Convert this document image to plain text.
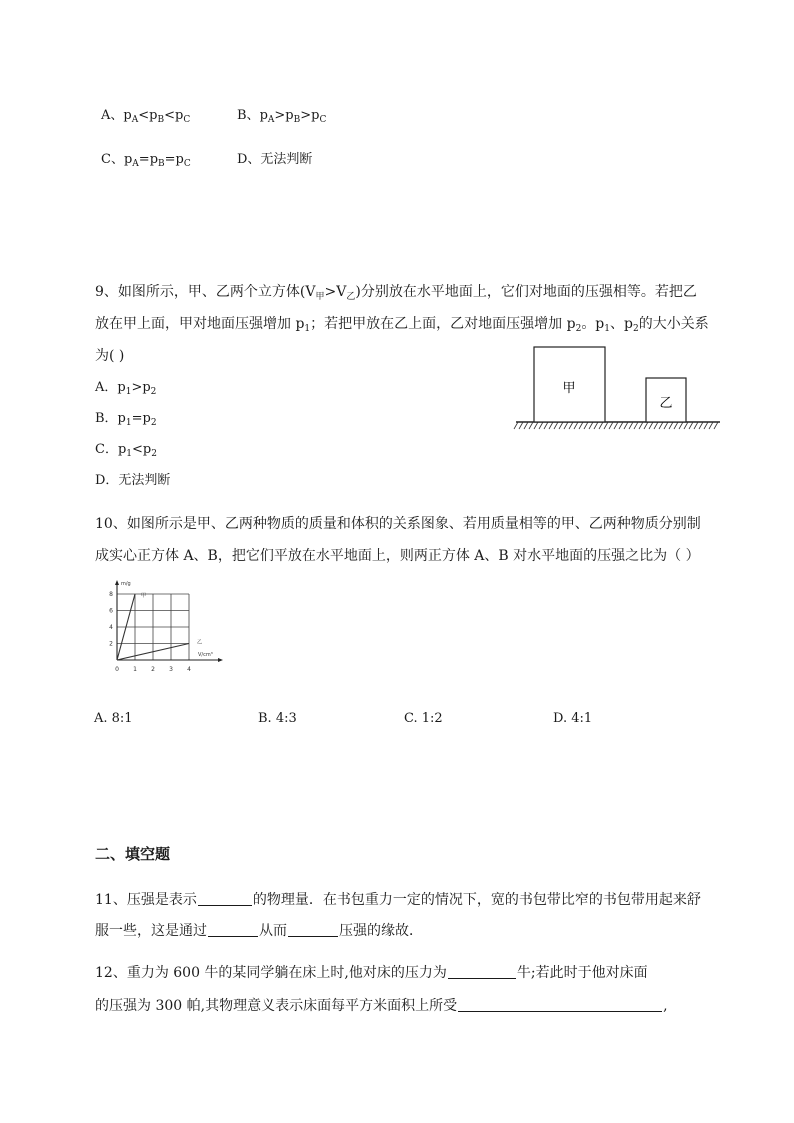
A、$p_A<p_B<p_C$	B、$p_A>p_B>p_C$
C、$p_A=p_B=p_C$	D、无法判断
9、如图所示，甲、乙两个立方体$(V_甲>V_乙)$分别放在水平地面上，它们对地面的压强相等。若把乙
放在甲上面，甲对地面压强增加 $p_1$；若把甲放在乙上面，乙对地面压强增加 $p_2$。$p_1$、$p_2$的大小关系
为( )
A．$p_1>p_2$
B．$p_1=p_2$
C．$p_1<p_2$
D．无法判断
甲
乙
10、如图所示是甲、乙两种物质的质量和体积的关系图象、若用质量相等的甲、乙两种物质分别制
成实心正方体 A、B，把它们平放在水平地面上，则两正方体 A、B 对水平地面的压强之比为（ ）
甲
乙
0 1 2 3 4
2
4
6
8
m/g
V/cm³
A. 8:1	B. 4:3	C. 1:2	D. 4:1
二、填空题
11、压强是表示	的物理量．在书包重力一定的情况下，宽的书包带比窄的书包带用起来舒
服一些，这是通过	从而	压强的缘故．
12、重力为 600 牛的某同学躺在床上时,他对床的压力为	牛;若此时于他对床面
的压强为 300 帕,其物理意义表示床面每平方米面积上所受	,
